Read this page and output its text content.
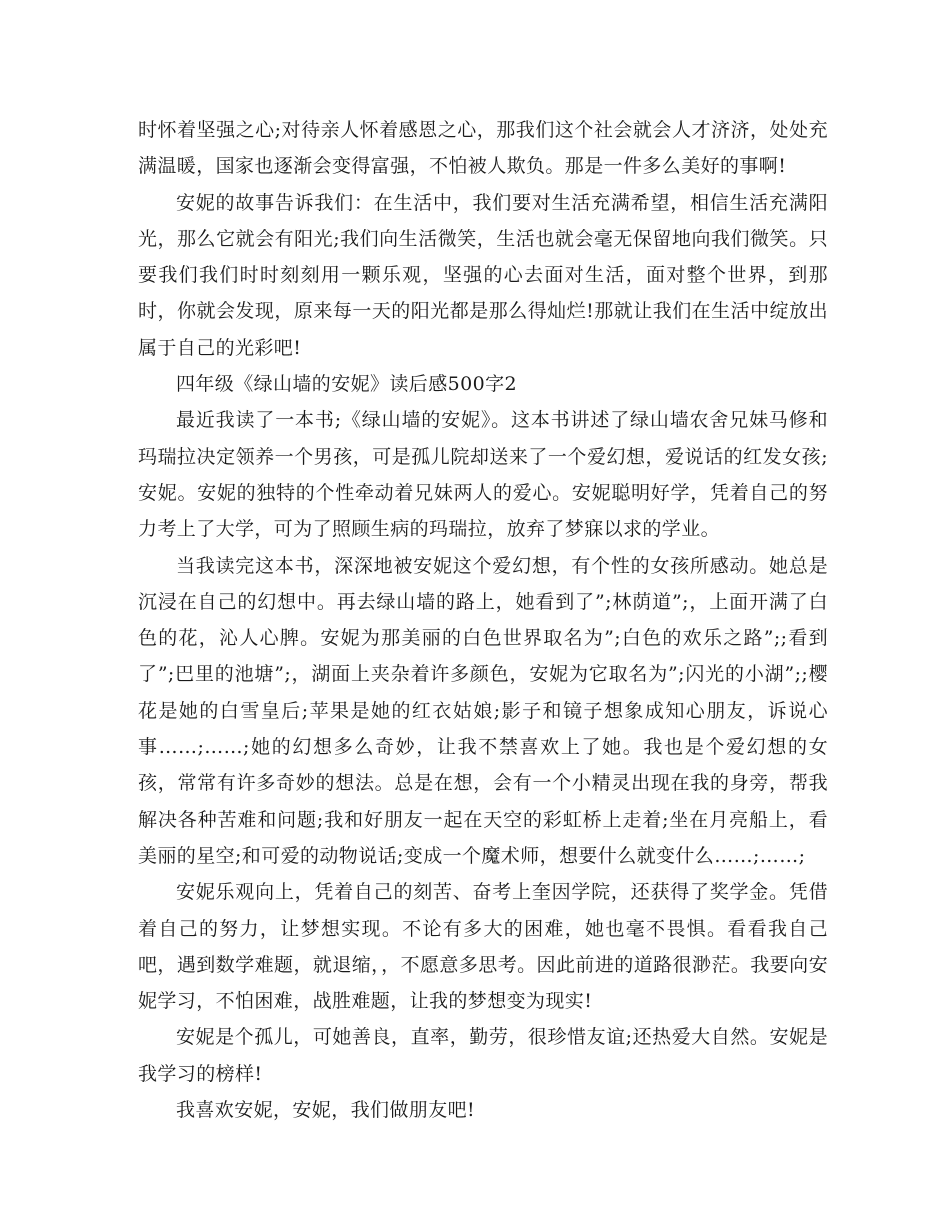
时怀着坚强之心;对待亲人怀着感恩之心，那我们这个社会就会人才济济，处处充满温暖，国家也逐渐会变得富强，不怕被人欺负。那是一件多么美好的事啊!

安妮的故事告诉我们：在生活中，我们要对生活充满希望，相信生活充满阳光，那么它就会有阳光;我们向生活微笑，生活也就会毫无保留地向我们微笑。只要我们我们时时刻刻用一颗乐观，坚强的心去面对生活，面对整个世界，到那时，你就会发现，原来每一天的阳光都是那么得灿烂!那就让我们在生活中绽放出属于自己的光彩吧!

四年级《绿山墙的安妮》读后感500字2

最近我读了一本书;《绿山墙的安妮》。这本书讲述了绿山墙农舍兄妹马修和玛瑞拉决定领养一个男孩，可是孤儿院却送来了一个爱幻想，爱说话的红发女孩;安妮。安妮的独特的个性牵动着兄妹两人的爱心。安妮聪明好学，凭着自己的努力考上了大学，可为了照顾生病的玛瑞拉，放弃了梦寐以求的学业。

当我读完这本书，深深地被安妮这个爱幻想，有个性的女孩所感动。她总是沉浸在自己的幻想中。再去绿山墙的路上，她看到了”;林荫道”;，上面开满了白色的花，沁人心脾。安妮为那美丽的白色世界取名为”;白色的欢乐之路”;;看到了”;巴里的池塘”;，湖面上夹杂着许多颜色，安妮为它取名为”;闪光的小湖”;;樱花是她的白雪皇后;苹果是她的红衣姑娘;影子和镜子想象成知心朋友，诉说心事……;……;她的幻想多么奇妙，让我不禁喜欢上了她。我也是个爱幻想的女孩，常常有许多奇妙的想法。总是在想，会有一个小精灵出现在我的身旁，帮我解决各种苦难和问题;我和好朋友一起在天空的彩虹桥上走着;坐在月亮船上，看美丽的星空;和可爱的动物说话;变成一个魔术师，想要什么就变什么……;……;

安妮乐观向上，凭着自己的刻苦、奋考上奎因学院，还获得了奖学金。凭借着自己的努力，让梦想实现。不论有多大的困难，她也毫不畏惧。看看我自己吧，遇到数学难题，就退缩，，不愿意多思考。因此前进的道路很渺茫。我要向安妮学习，不怕困难，战胜难题，让我的梦想变为现实!

安妮是个孤儿，可她善良，直率，勤劳，很珍惜友谊;还热爱大自然。安妮是我学习的榜样!

我喜欢安妮，安妮，我们做朋友吧!
